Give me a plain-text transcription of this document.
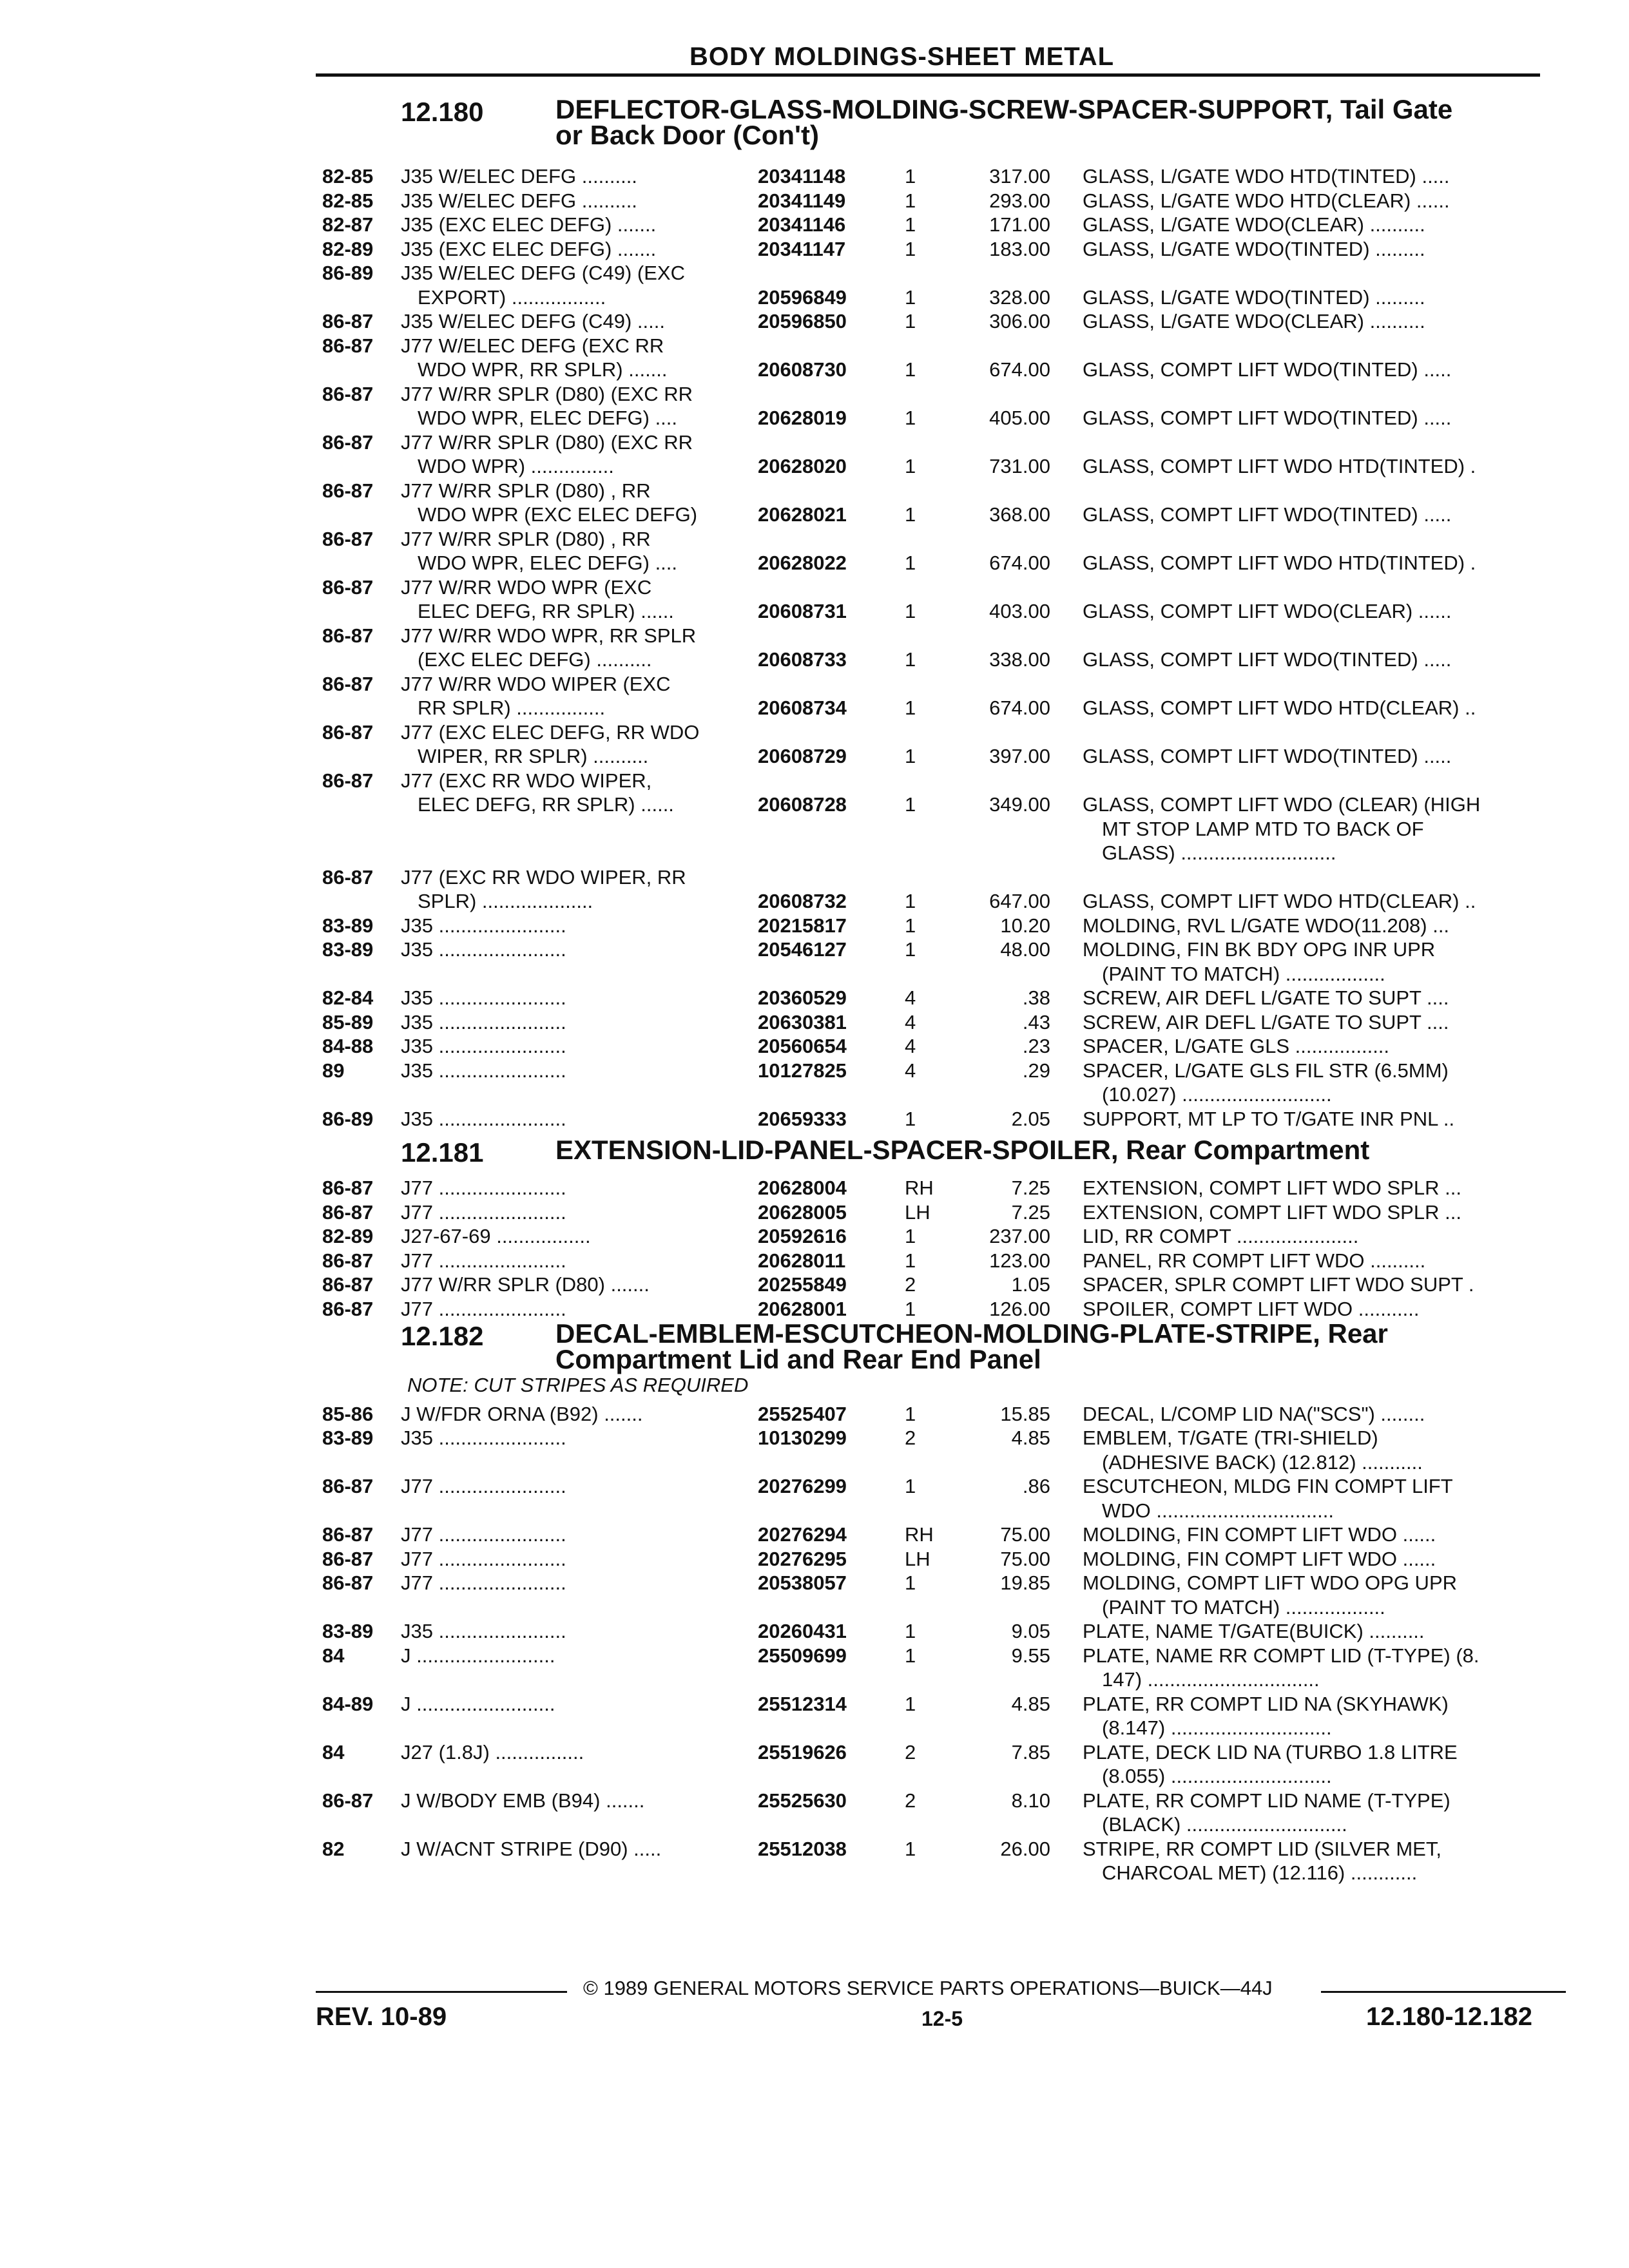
BODY MOLDINGS-SHEET METAL
12.180	DEFLECTOR-GLASS-MOLDING-SCREW-SPACER-SUPPORT, Tail Gate
or Back Door (Con't)
82-85 J35 W/ELEC DEFG ..........	20341148	1	317.00 GLASS, L/GATE WDO HTD(TINTED) .....
82-85 J35 W/ELEC DEFG ..........	20341149	1	293.00 GLASS, L/GATE WDO HTD(CLEAR) ......
82-87 J35 (EXC ELEC DEFG) .......	20341146	1	171.00 GLASS, L/GATE WDO(CLEAR) ..........
82-89 J35 (EXC ELEC DEFG) .......	20341147	1	183.00 GLASS, L/GATE WDO(TINTED) .........
86-89 J35 W/ELEC DEFG (C49) (EXC
EXPORT) .................	20596849	1	328.00 GLASS, L/GATE WDO(TINTED) .........
86-87 J35 W/ELEC DEFG (C49) .....	20596850	1	306.00 GLASS, L/GATE WDO(CLEAR) ..........
86-87 J77 W/ELEC DEFG (EXC RR
WDO WPR, RR SPLR) .......	20608730	1	674.00 GLASS, COMPT LIFT WDO(TINTED) .....
86-87 J77 W/RR SPLR (D80) (EXC RR
WDO WPR, ELEC DEFG) ....	20628019	1	405.00 GLASS, COMPT LIFT WDO(TINTED) .....
86-87 J77 W/RR SPLR (D80) (EXC RR
WDO WPR) ...............	20628020	1	731.00 GLASS, COMPT LIFT WDO HTD(TINTED) .
86-87 J77 W/RR SPLR (D80) , RR
WDO WPR (EXC ELEC DEFG)	20628021	1	368.00 GLASS, COMPT LIFT WDO(TINTED) .....
86-87 J77 W/RR SPLR (D80) , RR
WDO WPR, ELEC DEFG) ....	20628022	1	674.00 GLASS, COMPT LIFT WDO HTD(TINTED) .
86-87 J77 W/RR WDO WPR (EXC
ELEC DEFG, RR SPLR) ......	20608731	1	403.00 GLASS, COMPT LIFT WDO(CLEAR) ......
86-87 J77 W/RR WDO WPR, RR SPLR
(EXC ELEC DEFG) ..........	20608733	1	338.00 GLASS, COMPT LIFT WDO(TINTED) .....
86-87 J77 W/RR WDO WIPER (EXC
RR SPLR) ................	20608734	1	674.00 GLASS, COMPT LIFT WDO HTD(CLEAR) ..
86-87 J77 (EXC ELEC DEFG, RR WDO
WIPER, RR SPLR) ..........	20608729	1	397.00 GLASS, COMPT LIFT WDO(TINTED) .....
86-87 J77 (EXC RR WDO WIPER,
ELEC DEFG, RR SPLR) ......	20608728	1	349.00 GLASS, COMPT LIFT WDO (CLEAR) (HIGH
MT STOP LAMP MTD TO BACK OF
GLASS) ............................
86-87 J77 (EXC RR WDO WIPER, RR
SPLR) ....................	20608732	1	647.00 GLASS, COMPT LIFT WDO HTD(CLEAR) ..
83-89 J35 .......................	20215817	1	10.20 MOLDING, RVL L/GATE WDO(11.208) ...
83-89 J35 .......................	20546127	1	48.00 MOLDING, FIN BK BDY OPG INR UPR
(PAINT TO MATCH) ..................
82-84 J35 .......................	20360529	4	.38 SCREW, AIR DEFL L/GATE TO SUPT ....
85-89 J35 .......................	20630381	4	.43 SCREW, AIR DEFL L/GATE TO SUPT ....
84-88 J35 .......................	20560654	4	.23 SPACER, L/GATE GLS .................
89	J35 .......................	10127825	4	.29 SPACER, L/GATE GLS FIL STR (6.5MM)
(10.027) ...........................
86-89 J35 .......................	20659333	1	2.05 SUPPORT, MT LP TO T/GATE INR PNL ..
12.181	EXTENSION-LID-PANEL-SPACER-SPOILER, Rear Compartment
86-87 J77 .......................	20628004	RH	7.25 EXTENSION, COMPT LIFT WDO SPLR ...
86-87 J77 .......................	20628005	LH	7.25 EXTENSION, COMPT LIFT WDO SPLR ...
82-89 J27-67-69 .................	20592616	1	237.00 LID, RR COMPT ......................
86-87 J77 .......................	20628011	1	123.00 PANEL, RR COMPT LIFT WDO ..........
86-87 J77 W/RR SPLR (D80) .......	20255849	2	1.05 SPACER, SPLR COMPT LIFT WDO SUPT .
86-87 J77 .......................	20628001	1	126.00 SPOILER, COMPT LIFT WDO ...........
12.182	DECAL-EMBLEM-ESCUTCHEON-MOLDING-PLATE-STRIPE, Rear
Compartment Lid and Rear End Panel
NOTE: CUT STRIPES AS REQUIRED
85-86 J W/FDR ORNA (B92) .......	25525407	1	15.85 DECAL, L/COMP LID NA("SCS") ........
83-89 J35 .......................	10130299	2	4.85 EMBLEM, T/GATE (TRI-SHIELD)
(ADHESIVE BACK) (12.812) ...........
86-87 J77 .......................	20276299	1	.86 ESCUTCHEON, MLDG FIN COMPT LIFT
WDO ................................
86-87 J77 .......................	20276294	RH	75.00 MOLDING, FIN COMPT LIFT WDO ......
86-87 J77 .......................	20276295	LH	75.00 MOLDING, FIN COMPT LIFT WDO ......
86-87 J77 .......................	20538057	1	19.85 MOLDING, COMPT LIFT WDO OPG UPR
(PAINT TO MATCH) ..................
83-89 J35 .......................	20260431	1	9.05 PLATE, NAME T/GATE(BUICK) ..........
84	J .........................	25509699	1	9.55 PLATE, NAME RR COMPT LID (T-TYPE) (8.
147) ...............................
84-89 J .........................	25512314	1	4.85 PLATE, RR COMPT LID NA (SKYHAWK)
(8.147) .............................
84	J27 (1.8J) ................	25519626	2	7.85 PLATE, DECK LID NA (TURBO 1.8 LITRE
(8.055) .............................
86-87 J W/BODY EMB (B94) .......	25525630	2	8.10 PLATE, RR COMPT LID NAME (T-TYPE)
(BLACK) .............................
82	J W/ACNT STRIPE (D90) .....	25512038	1	26.00 STRIPE, RR COMPT LID (SILVER MET,
CHARCOAL MET) (12.116) ............
© 1989 GENERAL MOTORS SERVICE PARTS OPERATIONS—BUICK—44J
REV. 10-89	12-5	12.180-12.182
